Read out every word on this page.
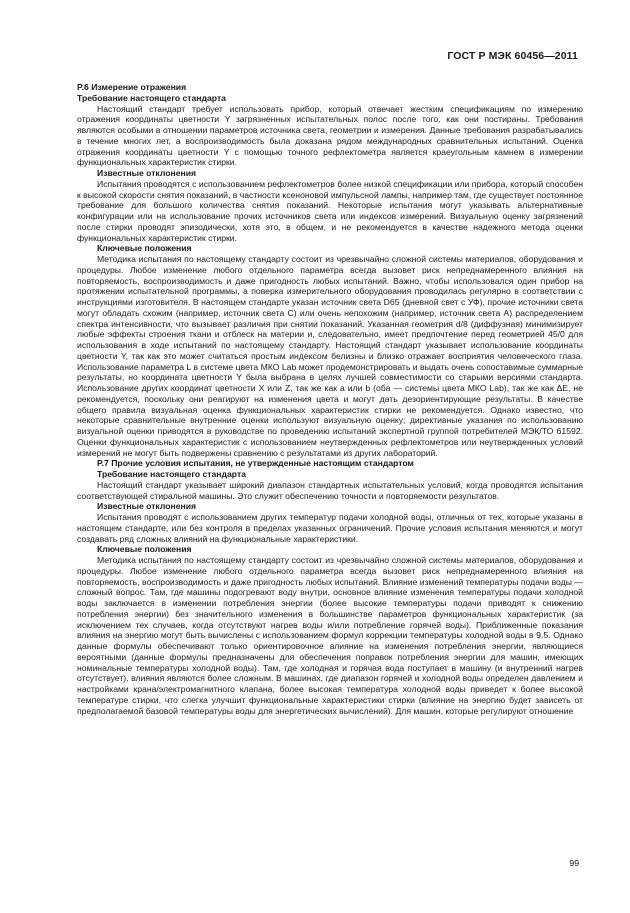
ГОСТ Р МЭК 60456—2011

P.6 Измерение отражения

Требование настоящего стандарта

Настоящий стандарт требует использовать прибор, который отвечает жестким спецификациям по измерению отражения координаты цветности Y загрязненных испытательных полос после того, как они постираны. Требования являются особыми в отношении параметров источника света, геометрии и измерения. Данные требования разрабатывались в течение многих лет, а воспроизводимость была доказана рядом международных сравнительных испытаний. Оценка отражения координаты цветности Y с помощью точного рефлектометра является краеугольным камнем в измерении функциональных характеристик стирки.

Известные отклонения

Испытания проводятся с использованием рефлектометров более низкой спецификации или прибора, который способен к высокой скорости снятия показаний, в частности ксеноновой импульсной лампы, например там, где существует постоянное требование для большого количества снятия показаний. Некоторые испытания могут указывать альтернативные конфигурации или на использование прочих источников света или индексов измерений. Визуальную оценку загрязнений после стирки проводят эпизодически, хотя это, в общем, и не рекомендуется в качестве надежного метода оценки функциональных характеристик стирки.

Ключевые положения

Методика испытания по настоящему стандарту состоит из чрезвычайно сложной системы материалов, оборудования и процедуры. Любое изменение любого отдельного параметра всегда вызовет риск непреднамеренного влияния на повторяемость, воспроизводимость и даже пригодность любых испытаний. Важно, чтобы использовался один прибор на протяжении испытательной программы, а поверка измерительного оборудования проводилась регулярно в соответствии с инструкциями изготовителя. В настоящем стандарте указан источник света D65 (дневной свет с УФ), прочие источники света могут обладать схожим (например, источник света C) или очень непохожим (например, источник света A) распределением спектра интенсивности, что вызывает различия при снятии показаний. Указанная геометрия d/8 (диффузная) минимизирует любые эффекты строения ткани и отблеск на материи и, следовательно, имеет предпочтение перед геометрией 45/0 для использования в ходе испытаний по настоящему стандарту. Настоящий стандарт указывает использование координаты цветности Y, так как это может считаться простым индексом белизны и близко отражает восприятия человеческого глаза. Использование параметра L в системе цвета МКО Lab может продемонстрировать и выдать очень сопоставимые суммарные результаты, но координата цветности Y была выбрана в целях лучшей совместимости со старыми версиями стандарта. Использование других координат цветности X или Z, так же как a или b (оба — системы цвета МКО Lab), так же как ΔE, не рекомендуется, поскольку они реагируют на изменения цвета и могут дать дезориентирующие результаты. В качестве общего правила визуальная оценка функциональных характеристик стирки не рекомендуется. Однако известно, что некоторые сравнительные внутренние оценки используют визуальную оценку; директивные указания по использованию визуальной оценки приводятся в руководстве по проведению испытаний экспертной группой потребителей МЭК/ТО 61592. Оценки функциональных характеристик с использованием неутвержденных рефлектометров или неутвержденных условий измерений не могут быть подвержены сравнению с результатами из других лабораторий.

P.7 Прочие условия испытания, не утвержденные настоящим стандартом

Требование настоящего стандарта

Настоящий стандарт указывает широкий диапазон стандартных испытательных условий, когда проводятся испытания соответствующей стиральной машины. Это служит обеспечению точности и повторяемости результатов.

Известные отклонения

Испытания проводят с использованием других температур подачи холодной воды, отличных от тех, которые указаны в настоящем стандарте, или без контроля в пределах указанных ограничений. Прочие условия испытания меняются и могут создавать ряд сложных влияний на функциональные характеристики.

Ключевые положения

Методика испытания по настоящему стандарту состоит из чрезвычайно сложной системы материалов, оборудования и процедуры. Любое изменение любого отдельного параметра всегда вызовет риск непреднамеренного влияния на повторяемость, воспроизводимость и даже пригодность любых испытаний. Влияние изменений температуры подачи воды — сложный вопрос. Там, где машины подогревают воду внутри, основное влияние изменения температуры подачи холодной воды заключается в изменении потребления энергии (более высокие температуры подачи приводят к снижению потребления энергии) без значительного изменения в большинстве параметров функциональных характеристик (за исключением тех случаев, когда отсутствуют нагрев воды и/или потребление горячей воды). Приближенные показания влияния на энергию могут быть вычислены с использованием формул коррекции температуры холодной воды в 9.5. Однако данные формулы обеспечивают только ориентировочное влияние на изменения потребления энергии, являющиеся вероятными (данные формулы предназначены для обеспечения поправок потребления энергии для машин, имеющих номинальные температуры холодной воды). Там, где холодная и горячая вода поступает в машину (и внутренний нагрев отсутствует), влияния являются более сложным. В машинах, где диапазон горячей и холодной воды определен давлением и настройками крана/электромагнитного клапана, более высокая температура холодной воды приведет к более высокой температуре стирки, что слегка улучшит функциональные характеристики стирки (влияние на энергию будет зависеть от предполагаемой базовой температуры воды для энергетических вычислений). Для машин, которые регулируют отношение

99
